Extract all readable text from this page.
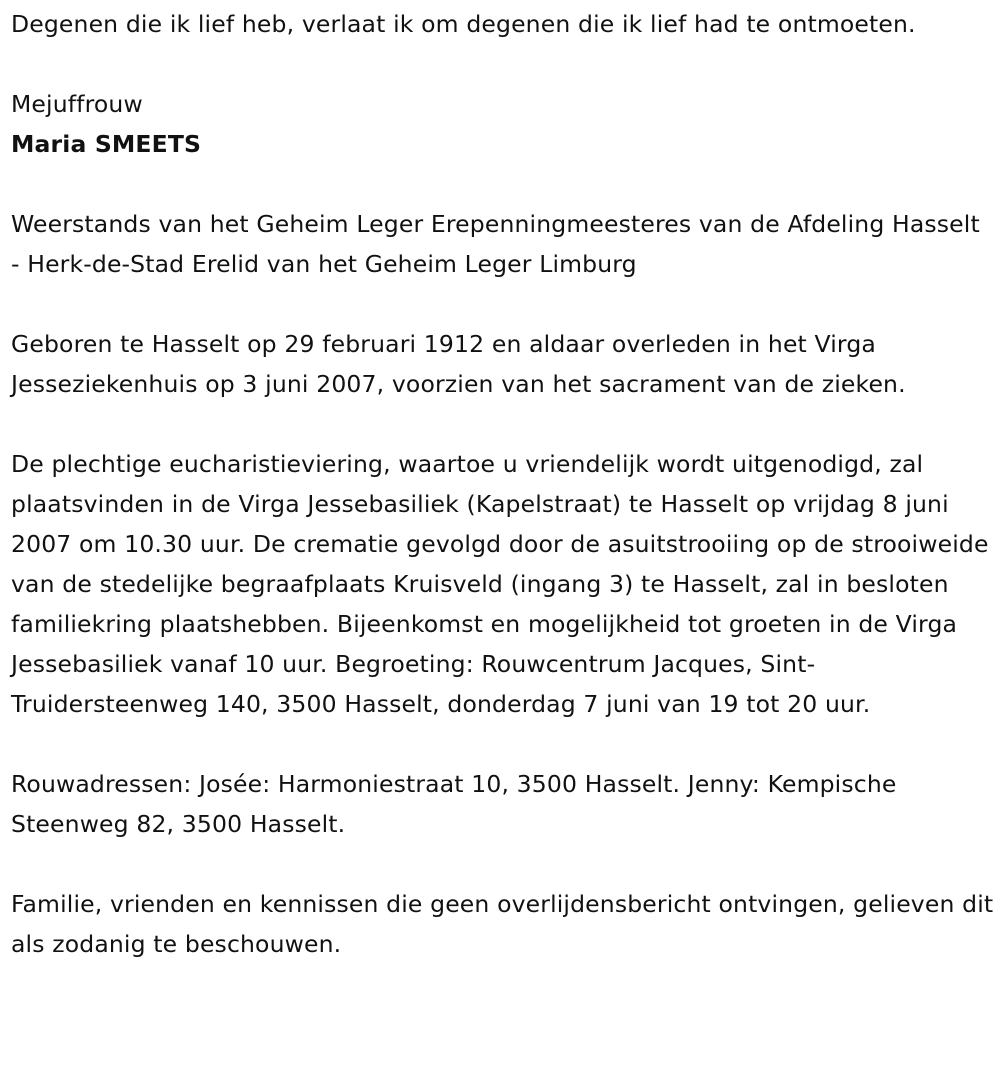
Degenen die ik lief heb, verlaat ik om degenen die ik lief had te ontmoeten.

Mejuffrouw

Maria SMEETS

Weerstands van het Geheim Leger Erepenningmeesteres van de Afdeling Hasselt - Herk-de-Stad Erelid van het Geheim Leger Limburg

Geboren te Hasselt op 29 februari 1912 en aldaar overleden in het Virga Jesseziekenhuis op 3 juni 2007, voorzien van het sacrament van de zieken.

De plechtige eucharistieviering, waartoe u vriendelijk wordt uitgenodigd, zal plaatsvinden in de Virga Jessebasiliek (Kapelstraat) te Hasselt op vrijdag 8 juni 2007 om 10.30 uur. De crematie gevolgd door de asuitstrooiing op de strooiweide van de stedelijke begraafplaats Kruisveld (ingang 3) te Hasselt, zal in besloten familiekring plaatshebben. Bijeenkomst en mogelijkheid tot groeten in de Virga Jessebasiliek vanaf 10 uur. Begroeting: Rouwcentrum Jacques, Sint-Truidersteenweg 140, 3500 Hasselt, donderdag 7 juni van 19 tot 20 uur.

Rouwadressen: Josée: Harmoniestraat 10, 3500 Hasselt. Jenny: Kempische Steenweg 82, 3500 Hasselt.

Familie, vrienden en kennissen die geen overlijdensbericht ontvingen, gelieven dit als zodanig te beschouwen.
